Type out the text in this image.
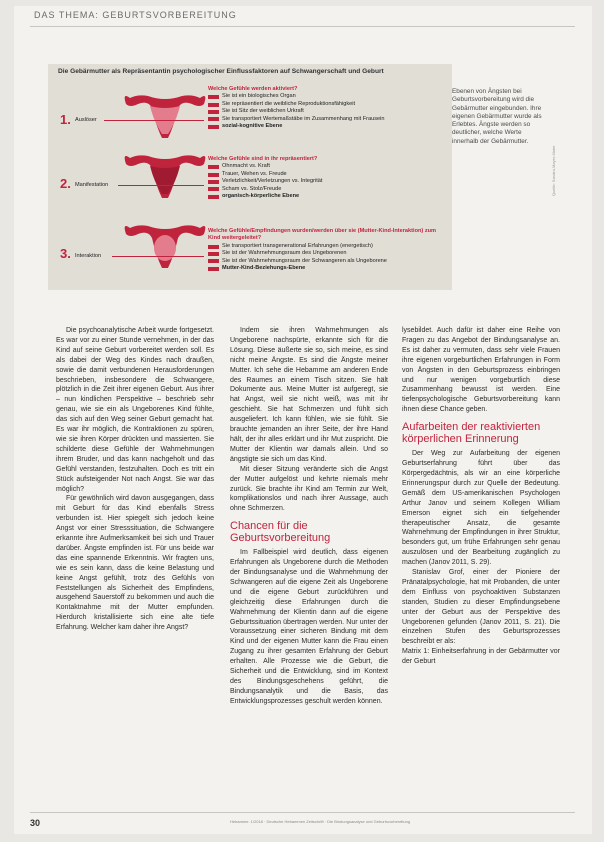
DAS THEMA: GEBURTSVORBEREITUNG
Die Gebärmutter als Repräsentantin psychologischer Einflussfaktoren auf Schwangerschaft und Geburt
1. Auslöser
2. Manifestation
3. Interaktion
Welche Gefühle werden aktiviert?
Sie ist ein biologisches Organ
Sie repräsentiert die weibliche Reproduktionsfähigkeit
Sie ist Sitz der weiblichen Urkraft
Sie transportiert Wertemaßstäbe im Zusammenhang mit Frausein
sozial-kognitive Ebene
Welche Gefühle sind in ihr repräsentiert?
Ohnmacht vs. Kraft
Trauer, Wehen vs. Freude
Verletzlichkeit/Verletzungen vs. Integrität
Scham vs. Stolz/Freude
organisch-körperliche Ebene
Welche Gefühle/Empfindungen wurden/werden über sie (Mutter-Kind-Interaktion) zum Kind weitergeleitet?
Sie transportiert transgenerational Erfahrungen (energetisch)
Sie ist der Wahrnehmungsraum des Ungeborenen
Sie ist der Wahrnehmungsraum der Schwangeren als Ungeborene
Mutter-Kind-Beziehungs-Ebene
Ebenen von Ängsten bei Geburtsvorbereitung wird die Gebärmutter eingebunden. Ihre eigenen Gebärmutter wurde als Erlebtes. Ängste werden so deutlicher, welche Werte innerhalb der Gebärmutter.
Quelle: Sandra-Mayer-Maier

Die psychoanalytische Arbeit wurde fortgesetzt. Es war vor zu einer Stunde vernehmen, in der das Kind auf seine Geburt vorbereitet werden soll. Es als dabei der Weg des Kindes nach draußen, sowie die damit verbundenen Herausforderungen beschrieben, insbesondere die Schwangere, plötzlich in die Zeit ihrer eigenen Geburt. Aus ihrer – nun kindlichen Perspektive – beschrieb sehr genau, wie sie ein als Ungeborenes Kind fühlte, das sich auf den Weg seiner Geburt gemacht hat. Es war ihr möglich, die Kontraktionen zu spüren, wie sie ihren Körper drückten und massierten. Sie schilderte diese Gefühle der Wahrnehmungen ihrem Bruder, und das kann nachgeholt und das Gefühl verstanden, festzuhalten. Doch es tritt ein Stück aufsteigender Not nach Angst. Sie war das möglich?

Für gewöhnlich wird davon ausgegangen, dass mit Geburt für das Kind ebenfalls Stress verbunden ist. Hier spiegelt sich jedoch keine Angst vor einer Stresssituation, die Schwangere erkannte ihre Aufmerksamkeit bei sich und Trauer darüber. Ängste empfinden ist. Für uns beide war das eine spannende Erkenntnis. Wir fragten uns, wie es sein kann, dass die keine Belastung und keine Angst gefühlt, trotz des Gefühls von Feststellungen als Sicherheit des Empfindens, ausgehend Sauerstoff zu bekommen und auch die Kontaktnahme mit der Mutter empfunden. Hierdurch kristallisierte sich eine alte tiefe Erfahrung. Welcher kam daher ihre Angst?

Indem sie ihren Wahrnehmungen als Ungeborene nachspürte, erkannte sich für die Lösung. Diese äußerte sie so, sich meine, es sind nicht meine Ängste. Es sind die Ängste meiner Mutter. Ich sehe die Hebamme am anderen Ende des Raumes an einem Tisch sitzen. Sie hält Dokumente aus. Meine Mutter ist aufgeregt, sie hat Angst, weil sie nicht weiß, was mit ihr geschieht. Sie hat Schmerzen und fühlt sich ausgeliefert. Ich kann fühlen, wie sie fühlt. Sie brauchte jemanden an ihrer Seite, der ihre Hand hält, der ihr alles erklärt und ihr Mut zuspricht. Die Mutter der Klientin war damals allein. Und so ängstigte sie sich um das Kind.

Mit dieser Sitzung veränderte sich die Angst der Mutter aufgelöst und kehrte niemals mehr zurück. Sie brachte ihr Kind am Termin zur Welt, komplikationslos und nach ihrer Aussage, auch ohne Schmerzen.

Chancen für die Geburtsvorbereitung

Im Fallbeispiel wird deutlich, dass eigenen Erfahrungen als Ungeborene durch die Methoden der Bindungsanalyse und die Wahrnehmung der Schwangeren auf die eigene Zeit als Ungeborene und die eigene Geburt zurückführen und gleichzeitig diese Erfahrungen durch die Wahrnehmung der Klientin dann auf die eigene Geburtssituation übertragen werden. Nur unter der Voraussetzung einer sicheren Bindung mit dem Kind und der eigenen Mutter kann die Frau einen Zugang zu ihrer gesamten Erfahrung der Geburt erhalten. Alle Prozesse wie die Geburt, die Sicherheit und die Entwicklung, sind im Kontext des Bindungsgeschehens geführt, die Bindungsanalytik und die Basis, das Entwicklungsprozesses geschult werden können.

lysebildet. Auch dafür ist daher eine Reihe von Fragen zu das Angebot der Bindungsanalyse an. Es ist daher zu vermuten, dass sehr viele Frauen ihre eigenen vorgeburtlichen Erfahrungen in Form von Ängsten in den Geburtsprozess einbringen und nur wenigen vorgeburtlich diese Zusammenhang bewusst ist werden. Eine tiefenpsychologische Geburtsvorbereitung kann ihnen diese Chance geben.

Aufarbeiten der reaktivierten körperlichen Erinnerung

Der Weg zur Aufarbeitung der eigenen Geburtserfahrung führt über das Körpergedächtnis, als wir an eine körperliche Erinnerungspur durch zur Quelle der Bedeutung. Gemäß dem US-amerikanischen Psychologen Arthur Janov und seinem Kollegen William Emerson eignet sich ein tiefgehender therapeutischer Ansatz, die gesamte Wahrnehmung der Empfindungen in ihrer Struktur, besonders gut, um frühe Erfahrungen sehr genau auszulösen und der Bearbeitung zugänglich zu machen (Janov 2011, S. 29).

Stanislav Grof, einer der Pioniere der Pränatalpsychologie, hat mit Probanden, die unter dem Einfluss von psychoaktiven Substanzen standen, Studien zu dieser Empfindungsebene unter der Geburt aus der Perspektive des Ungeborenen gefunden (Janov 2011, S. 21). Die einzelnen Stufen des Geburtsprozesses beschreibt er als:

Matrix 1: Einheitserfahrung in der Gebärmutter vor der Geburt

30	Hebamme. 1/2018 · Deutsche Hebammen Zeitschrift · Die Bindungsanalyse und Geburtsvorbereitung
